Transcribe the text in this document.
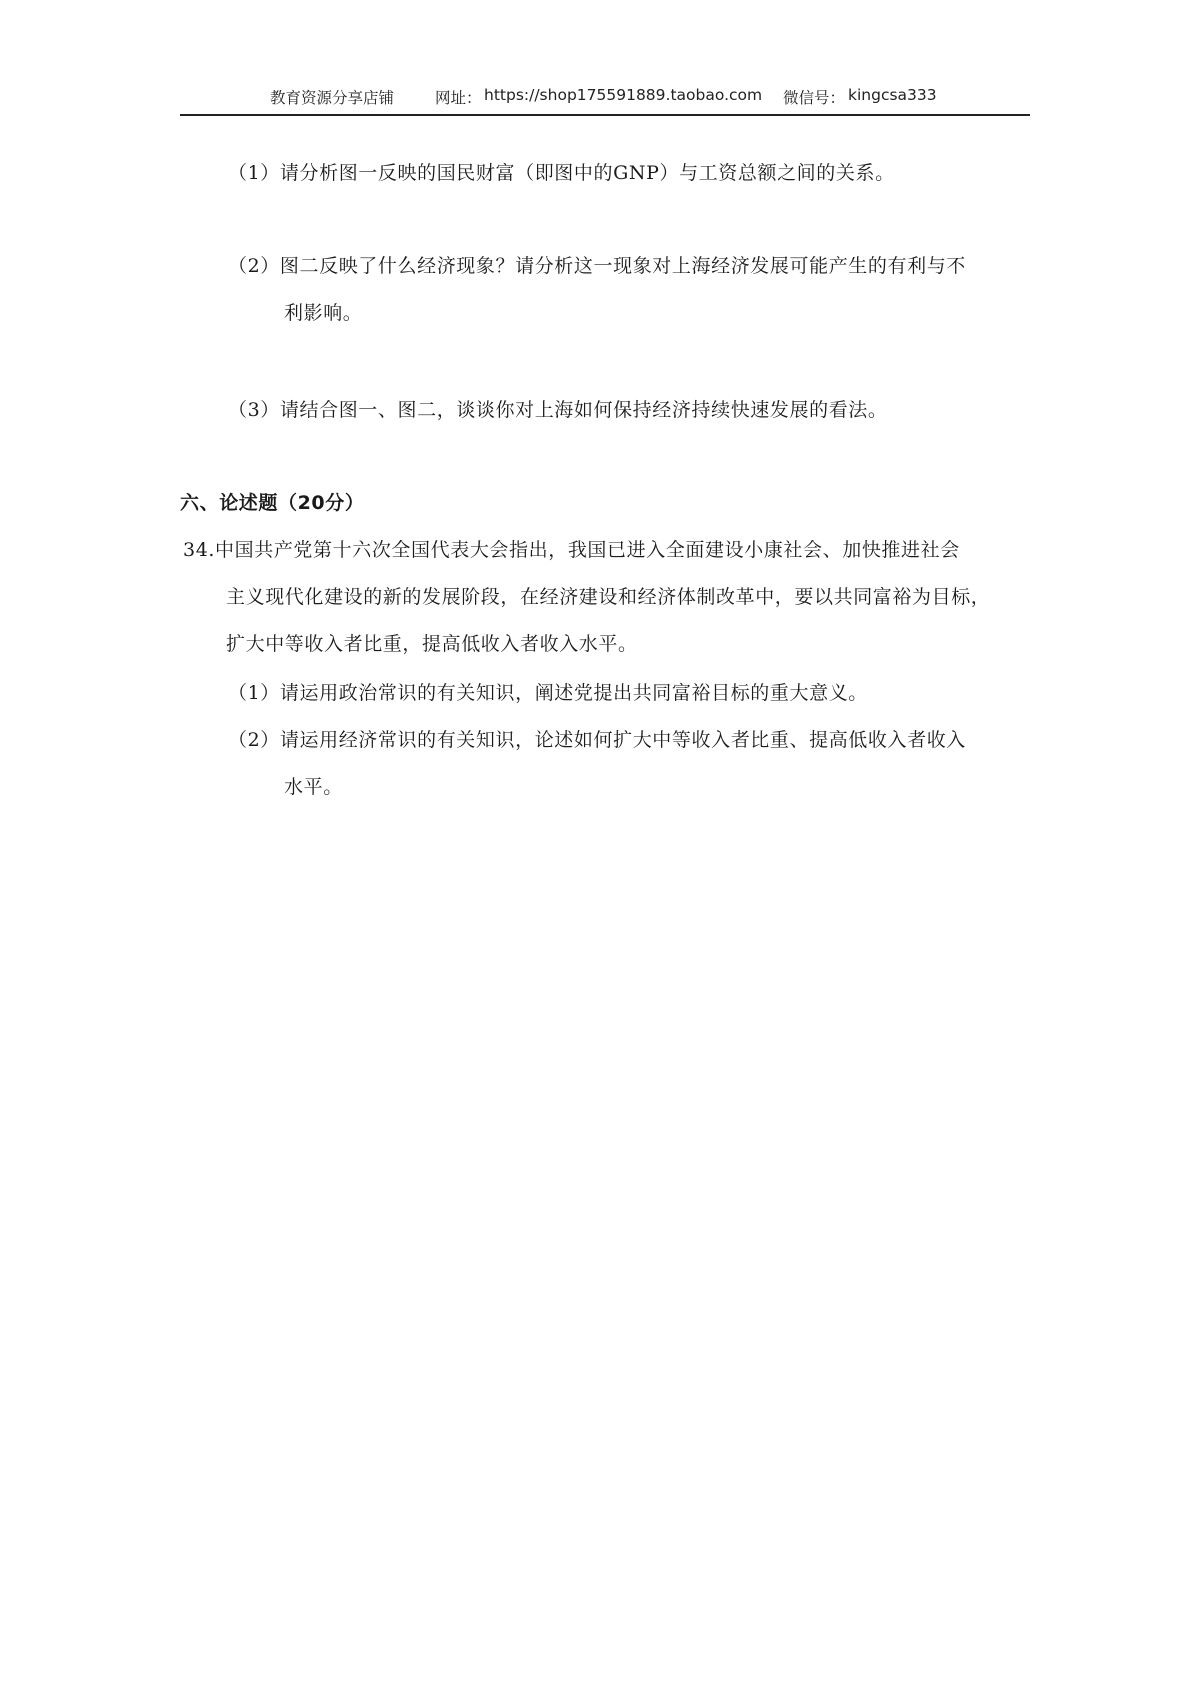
教育资源分享店铺	网址： https://shop175591889.taobao.com 微信号： kingcsa333
（1）请分析图一反映的国民财富（即图中的GNP）与工资总额之间的关系。
（2）图二反映了什么经济现象？请分析这一现象对上海经济发展可能产生的有利与不
利影响。
（3）请结合图一、图二，谈谈你对上海如何保持经济持续快速发展的看法。
六、论述题（20分）
34.中国共产党第十六次全国代表大会指出，我国已进入全面建设小康社会、加快推进社会
主义现代化建设的新的发展阶段，在经济建设和经济体制改革中，要以共同富裕为目标，
扩大中等收入者比重，提高低收入者收入水平。
（1）请运用政治常识的有关知识，阐述党提出共同富裕目标的重大意义。
（2）请运用经济常识的有关知识，论述如何扩大中等收入者比重、提高低收入者收入
水平。
